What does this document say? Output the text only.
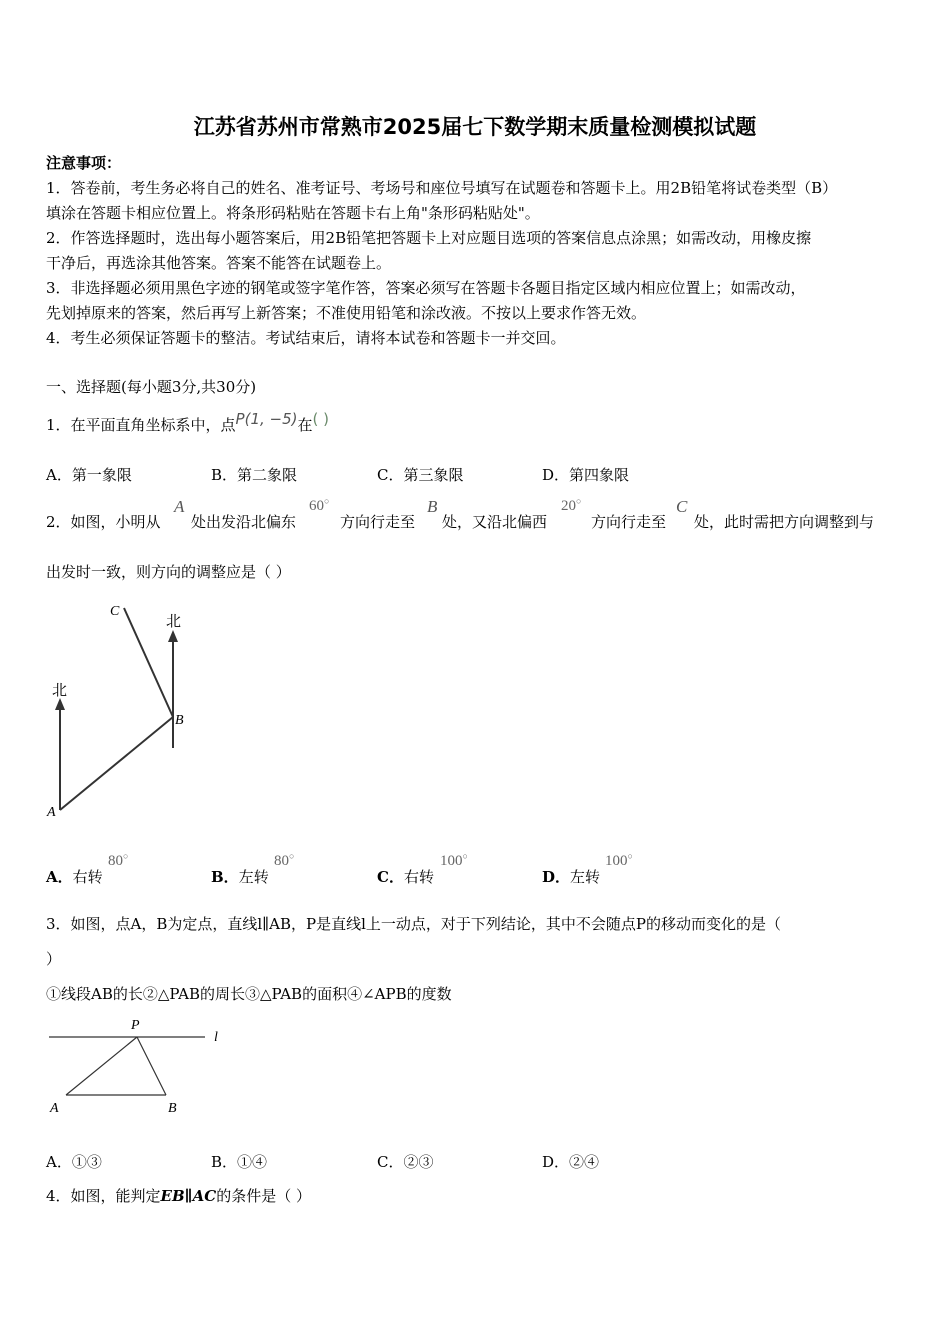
江苏省苏州市常熟市2025届七下数学期末质量检测模拟试题
注意事项：
1．答卷前，考生务必将自己的姓名、准考证号、考场号和座位号填写在试题卷和答题卡上。用2B铅笔将试卷类型（B）
填涂在答题卡相应位置上。将条形码粘贴在答题卡右上角"条形码粘贴处"。
2．作答选择题时，选出每小题答案后，用2B铅笔把答题卡上对应题目选项的答案信息点涂黑；如需改动，用橡皮擦
干净后，再选涂其他答案。答案不能答在试题卷上。
3．非选择题必须用黑色字迹的钢笔或签字笔作答，答案必须写在答题卡各题目指定区域内相应位置上；如需改动，
先划掉原来的答案，然后再写上新答案；不准使用铅笔和涂改液。不按以上要求作答无效。
4．考生必须保证答题卡的整洁。考试结束后，请将本试卷和答题卡一并交回。
一、选择题(每小题3分,共30分)
1．在平面直角坐标系中，点P(1, −5)在( )
A．第一象限	B．第二象限	C．第三象限	D．第四象限
2．如图，小明从
A
处出发沿北偏东
60○
方向行走至
B
处，又沿北偏西
20○
方向行走至
C
处，此时需把方向调整到与
出发时一致，则方向的调整应是（ ）
北
北
A
B
C
P
l
A	B
A．右转
80○
B．左转
80○
C．右转
100○
D．左转
100○
3．如图，点A，B为定点，直线l∥AB，P是直线l上一动点，对于下列结论，其中不会随点P的移动而变化的是（
）
①线段AB的长②△PAB的周长③△PAB的面积④∠APB的度数
A．①③	B．①④	C．②③	D．②④
4．如图，能判定EB∥AC的条件是（ ）
